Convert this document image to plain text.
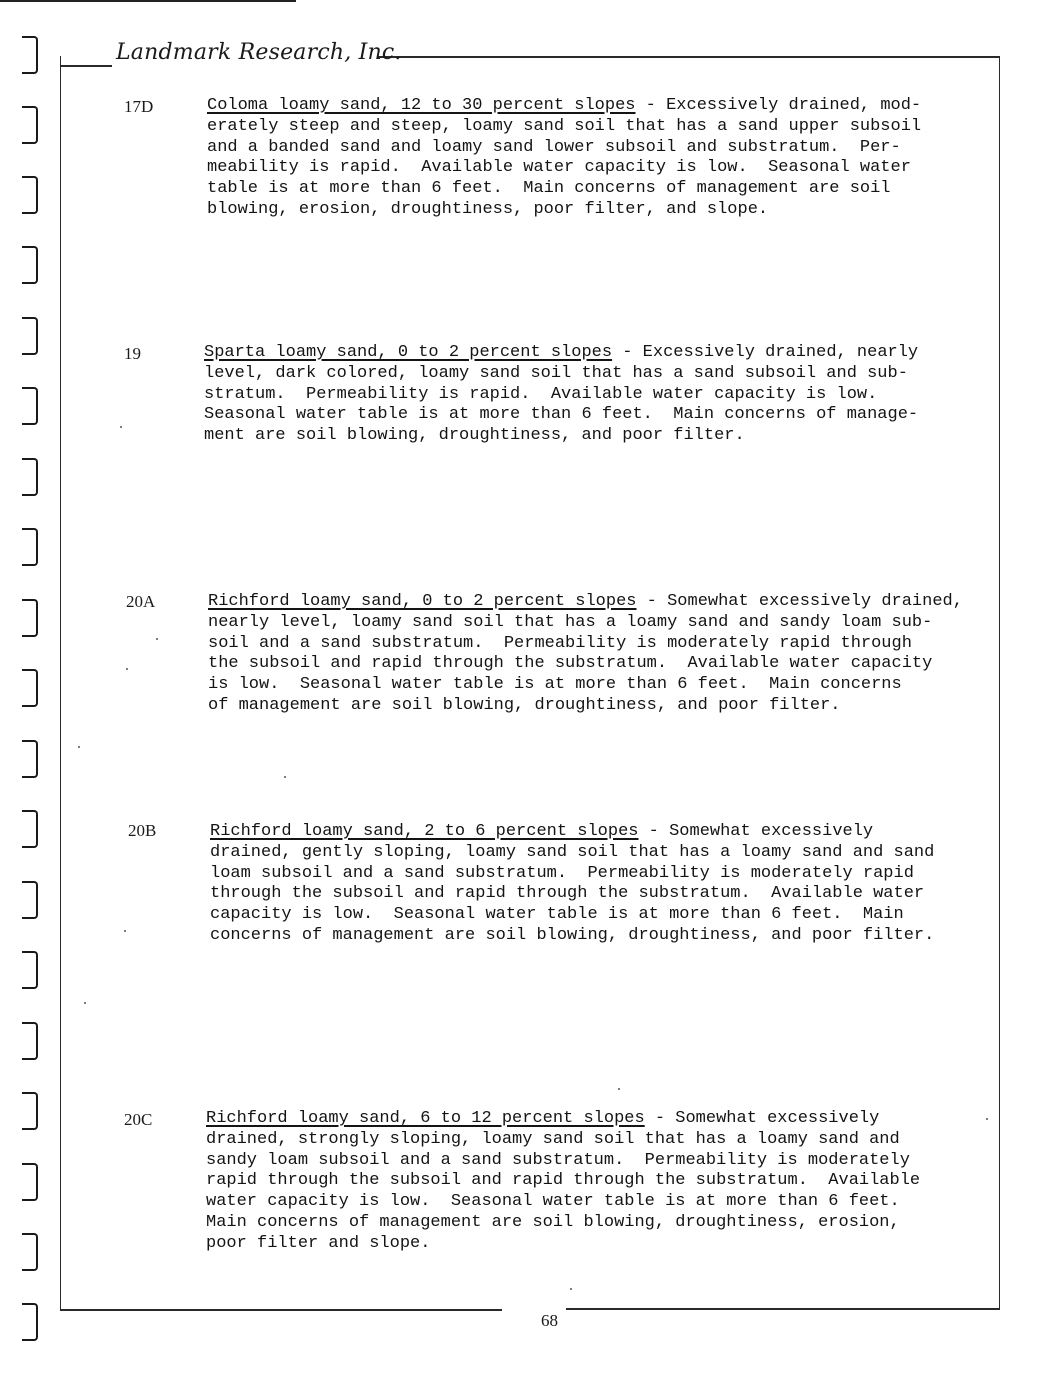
Landmark Research, Inc.
17D	Coloma loamy sand, 12 to 30 percent slopes - Excessively drained, mod-
erately steep and steep, loamy sand soil that has a sand upper subsoil
and a banded sand and loamy sand lower subsoil and substratum.  Per-
meability is rapid.  Available water capacity is low.  Seasonal water
table is at more than 6 feet.  Main concerns of management are soil
blowing, erosion, droughtiness, poor filter, and slope.
19	Sparta loamy sand, 0 to 2 percent slopes - Excessively drained, nearly
level, dark colored, loamy sand soil that has a sand subsoil and sub-
stratum.  Permeability is rapid.  Available water capacity is low.
Seasonal water table is at more than 6 feet.  Main concerns of manage-
ment are soil blowing, droughtiness, and poor filter.
20A	Richford loamy sand, 0 to 2 percent slopes - Somewhat excessively drained,
nearly level, loamy sand soil that has a loamy sand and sandy loam sub-
soil and a sand substratum.  Permeability is moderately rapid through
the subsoil and rapid through the substratum.  Available water capacity
is low.  Seasonal water table is at more than 6 feet.  Main concerns
of management are soil blowing, droughtiness, and poor filter.
20B	Richford loamy sand, 2 to 6 percent slopes - Somewhat excessively
drained, gently sloping, loamy sand soil that has a loamy sand and sand
loam subsoil and a sand substratum.  Permeability is moderately rapid
through the subsoil and rapid through the substratum.  Available water
capacity is low.  Seasonal water table is at more than 6 feet.  Main
concerns of management are soil blowing, droughtiness, and poor filter.
20C	Richford loamy sand, 6 to 12 percent slopes - Somewhat excessively
drained, strongly sloping, loamy sand soil that has a loamy sand and
sandy loam subsoil and a sand substratum.  Permeability is moderately
rapid through the subsoil and rapid through the substratum.  Available
water capacity is low.  Seasonal water table is at more than 6 feet.
Main concerns of management are soil blowing, droughtiness, erosion,
poor filter and slope.
68
